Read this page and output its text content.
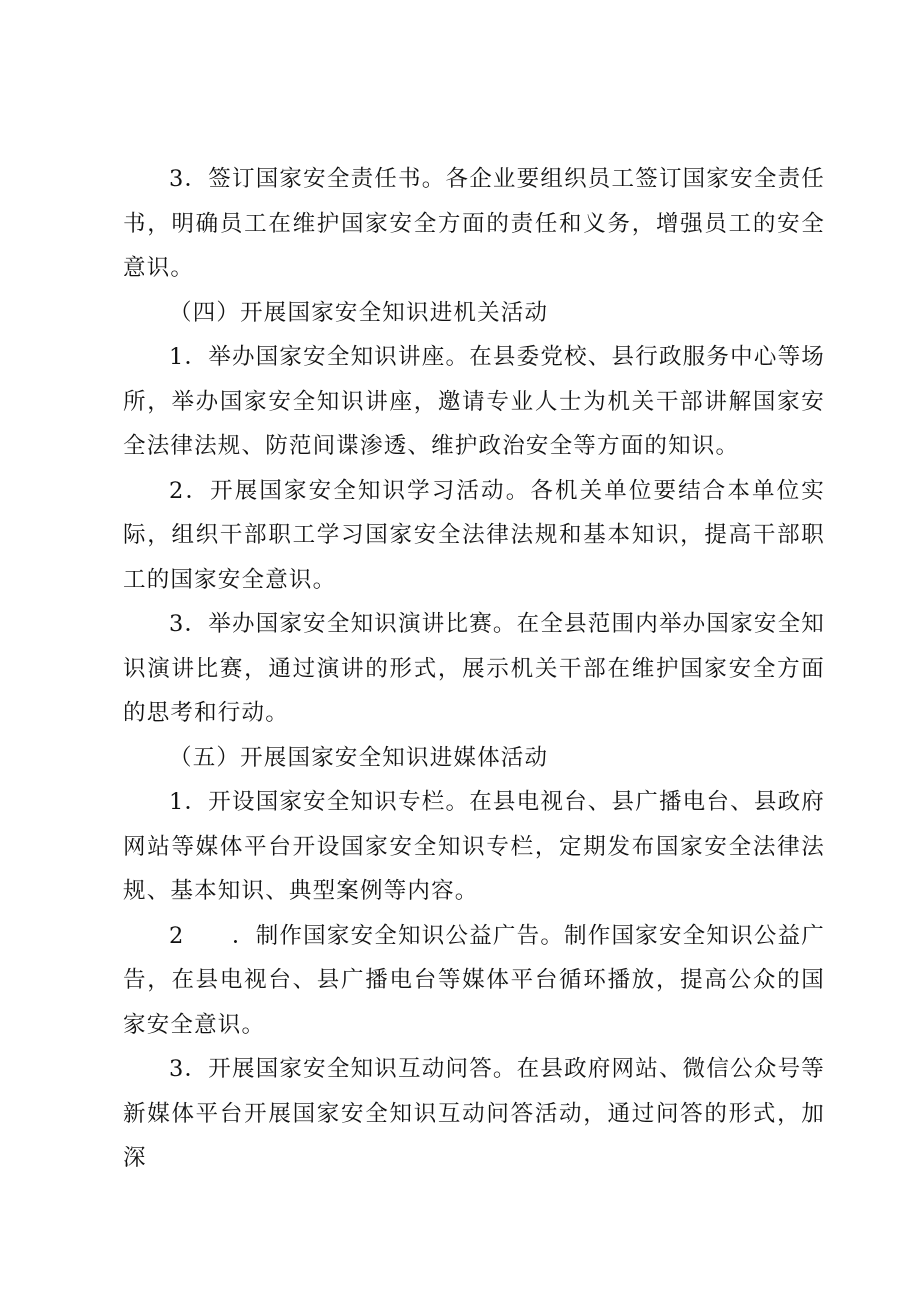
3．签订国家安全责任书。各企业要组织员工签订国家安全责任书，明确员工在维护国家安全方面的责任和义务，增强员工的安全意识。

（四）开展国家安全知识进机关活动

1．举办国家安全知识讲座。在县委党校、县行政服务中心等场所，举办国家安全知识讲座，邀请专业人士为机关干部讲解国家安全法律法规、防范间谍渗透、维护政治安全等方面的知识。

2．开展国家安全知识学习活动。各机关单位要结合本单位实际，组织干部职工学习国家安全法律法规和基本知识，提高干部职工的国家安全意识。

3．举办国家安全知识演讲比赛。在全县范围内举办国家安全知识演讲比赛，通过演讲的形式，展示机关干部在维护国家安全方面的思考和行动。

（五）开展国家安全知识进媒体活动

1．开设国家安全知识专栏。在县电视台、县广播电台、县政府网站等媒体平台开设国家安全知识专栏，定期发布国家安全法律法规、基本知识、典型案例等内容。

2　　．制作国家安全知识公益广告。制作国家安全知识公益广告，在县电视台、县广播电台等媒体平台循环播放，提高公众的国家安全意识。

3．开展国家安全知识互动问答。在县政府网站、微信公众号等新媒体平台开展国家安全知识互动问答活动，通过问答的形式，加深
